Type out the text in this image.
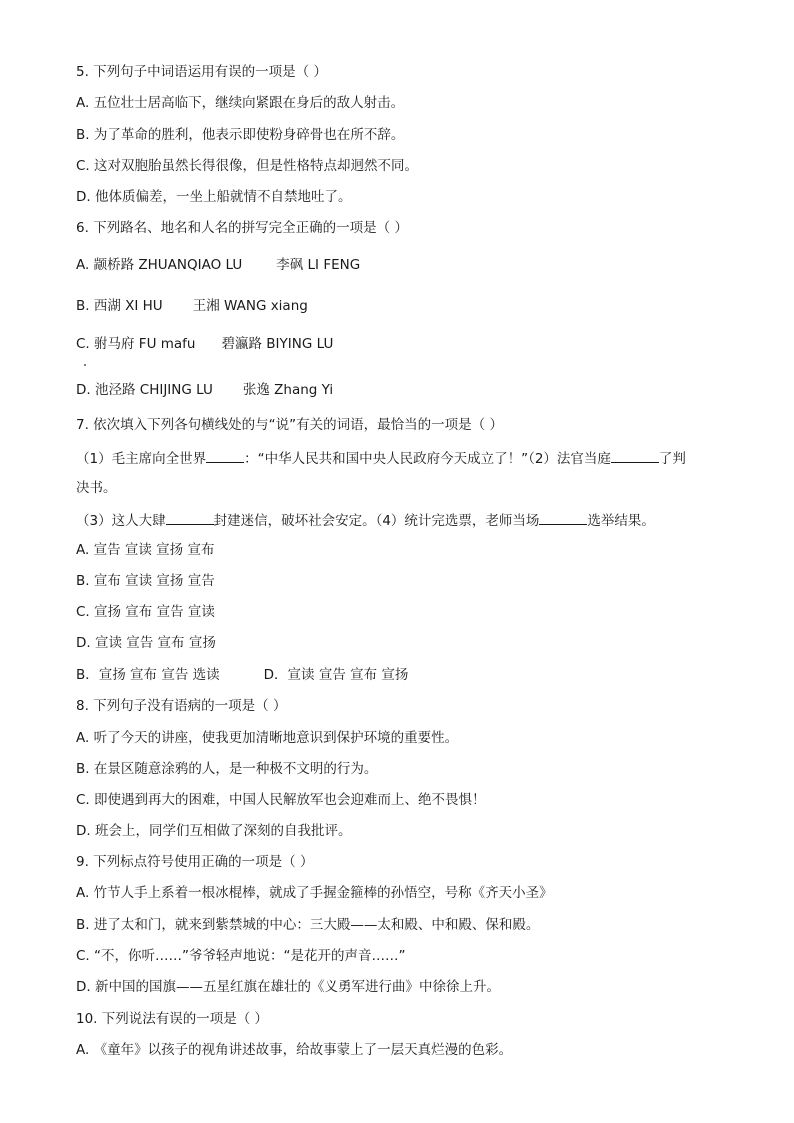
5. 下列句子中词语运用有误的一项是（ ）
A. 五位壮士居高临下，继续向紧跟在身后的敌人射击。
B. 为了革命的胜利，他表示即使粉身碎骨也在所不辞。
C. 这对双胞胎虽然长得很像，但是性格特点却迥然不同。
D. 他体质偏差，一坐上船就情不自禁地吐了。
6. 下列路名、地名和人名的拼写完全正确的一项是（ ）
A. 颛桥路 ZHUANQIAO LU	李砜 LI FENG
B. 西湖 XI HU 王湘 WANG xiang
C. 驸马府 FU mafu 碧瀛路 BIYING LU
D. 池泾路 CHIJING LU 张逸 Zhang Yi
7. 依次填入下列各句横线处的与“说”有关的词语，最恰当的一项是（ ）
（1）毛主席向全世界	：“中华人民共和国中央人民政府今天成立了！”（2）法官当庭	了判
决书。
（3）这人大肆	封建迷信，破坏社会安定。（4）统计完选票，老师当场	选举结果。
A. 宣告 宣读 宣扬 宣布
B. 宣布 宣读 宣扬 宣告
C. 宣扬 宣布 宣告 宣读
D. 宣读 宣告 宣布 宣扬
B．宣扬 宣布 宣告 选读	D．宣读 宣告 宣布 宣扬
8. 下列句子没有语病的一项是（ ）
A. 听了今天的讲座，使我更加清晰地意识到保护环境的重要性。
B. 在景区随意涂鸦的人，是一种极不文明的行为。
C. 即使遇到再大的困难，中国人民解放军也会迎难而上、绝不畏惧！
D. 班会上，同学们互相做了深刻的自我批评。
9. 下列标点符号使用正确的一项是（ ）
A. 竹节人手上系着一根冰棍棒，就成了手握金箍棒的孙悟空，号称《齐天小圣》
B. 进了太和门，就来到紫禁城的中心：三大殿——太和殿、中和殿、保和殿。
C. “不，你听……”爷爷轻声地说：“是花开的声音……”
D. 新中国的国旗——五星红旗在雄壮的《义勇军进行曲》中徐徐上升。
10. 下列说法有误的一项是（ ）
A. 《童年》以孩子的视角讲述故事，给故事蒙上了一层天真烂漫的色彩。
